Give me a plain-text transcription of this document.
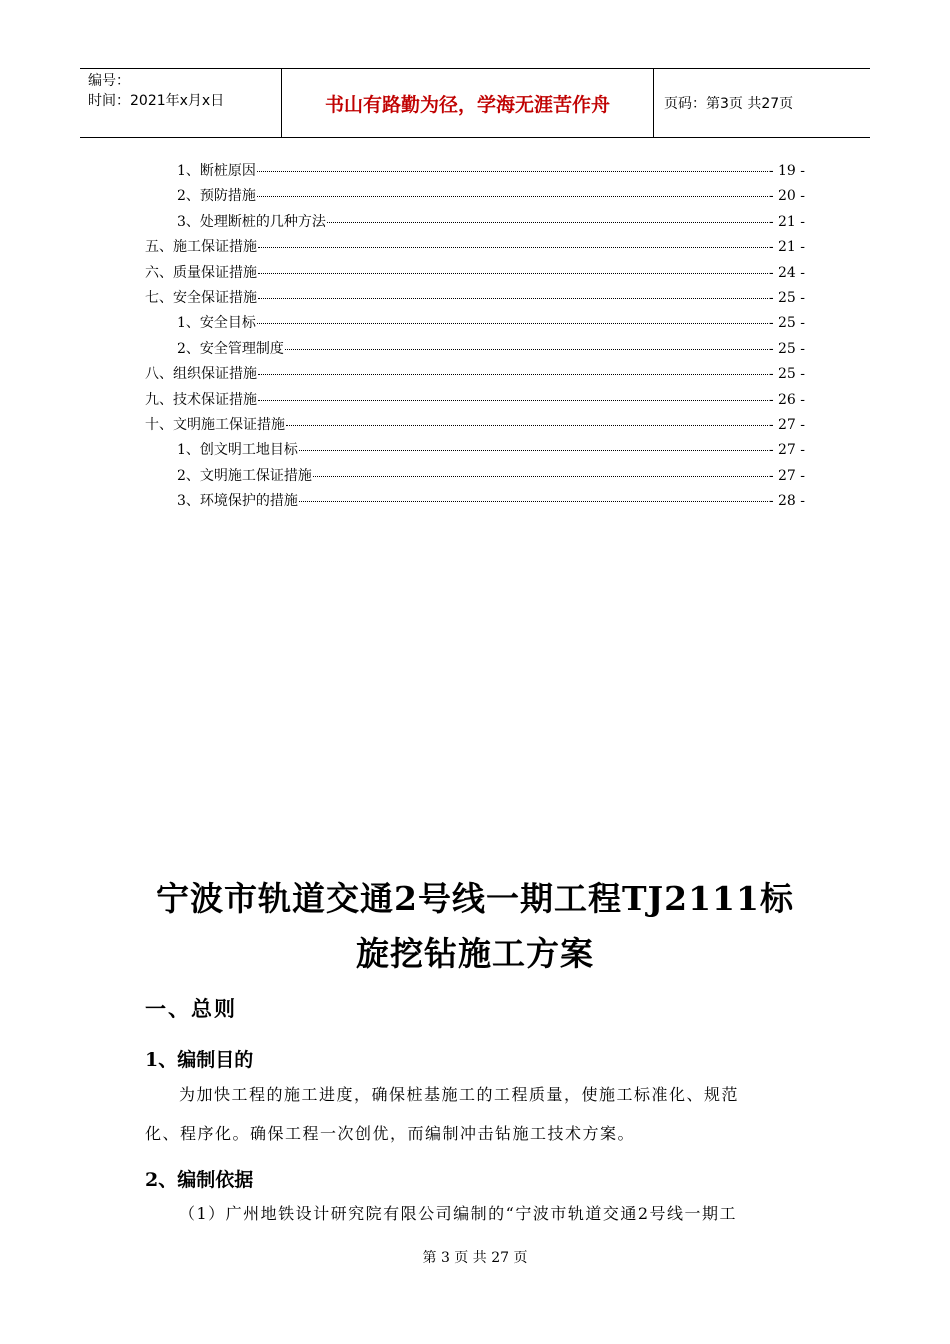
编号：
时间：2021年x月x日	书山有路勤为径，学海无涯苦作舟	页码：第3页 共27页
1、断桩原因	- 19 -
2、预防措施	- 20 -
3、处理断桩的几种方法	- 21 -
五、施工保证措施	- 21 -
六、质量保证措施	- 24 -
七、安全保证措施	- 25 -
1、安全目标	- 25 -
2、安全管理制度	- 25 -
八、组织保证措施	- 25 -
九、技术保证措施	- 26 -
十、文明施工保证措施	- 27 -
1、创文明工地目标	- 27 -
2、文明施工保证措施	- 27 -
3、环境保护的措施	- 28 -
宁波市轨道交通2号线一期工程TJ2111标
旋挖钻施工方案
一、总则
1、编制目的
为加快工程的施工进度，确保桩基施工的工程质量，使施工标准化、规范
化、程序化。确保工程一次创优，而编制冲击钻施工技术方案。
2、编制依据
（1）广州地铁设计研究院有限公司编制的“宁波市轨道交通2号线一期工
第 3 页 共 27 页
